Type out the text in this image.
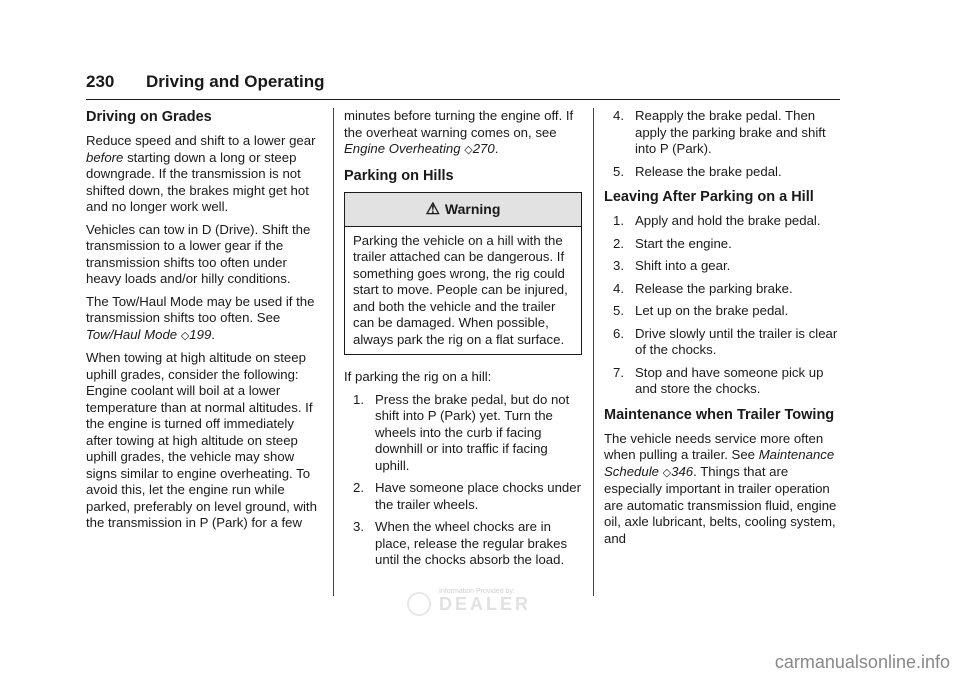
230 Driving and Operating
Driving on Grades

Reduce speed and shift to a lower gear before starting down a long or steep downgrade. If the transmission is not shifted down, the brakes might get hot and no longer work well.

Vehicles can tow in D (Drive). Shift the transmission to a lower gear if the transmission shifts too often under heavy loads and/or hilly conditions.

The Tow/Haul Mode may be used if the transmission shifts too often. See Tow/Haul Mode ◇199.

When towing at high altitude on steep uphill grades, consider the following: Engine coolant will boil at a lower temperature than at normal altitudes. If the engine is turned off immediately after towing at high altitude on steep uphill grades, the vehicle may show signs similar to engine overheating. To avoid this, let the engine run while parked, preferably on level ground, with the transmission in P (Park) for a few

minutes before turning the engine off. If the overheat warning comes on, see Engine Overheating ◇270.

Parking on Hills
⚠ Warning
Parking the vehicle on a hill with the trailer attached can be dangerous. If something goes wrong, the rig could start to move. People can be injured, and both the vehicle and the trailer can be damaged. When possible, always park the rig on a flat surface.

If parking the rig on a hill:

1. Press the brake pedal, but do not shift into P (Park) yet. Turn the wheels into the curb if facing downhill or into traffic if facing uphill.
2. Have someone place chocks under the trailer wheels.
3. When the wheel chocks are in place, release the regular brakes until the chocks absorb the load.
4. Reapply the brake pedal. Then apply the parking brake and shift into P (Park).
5. Release the brake pedal.
Leaving After Parking on a Hill
1. Apply and hold the brake pedal.
2. Start the engine.
3. Shift into a gear.
4. Release the parking brake.
5. Let up on the brake pedal.
6. Drive slowly until the trailer is clear of the chocks.
7. Stop and have someone pick up and store the chocks.
Maintenance when Trailer Towing

The vehicle needs service more often when pulling a trailer. See Maintenance Schedule ◇346. Things that are especially important in trailer operation are automatic transmission fluid, engine oil, axle lubricant, belts, cooling system, and

Information Provided by:
DEALER
carmanualsonline.info
